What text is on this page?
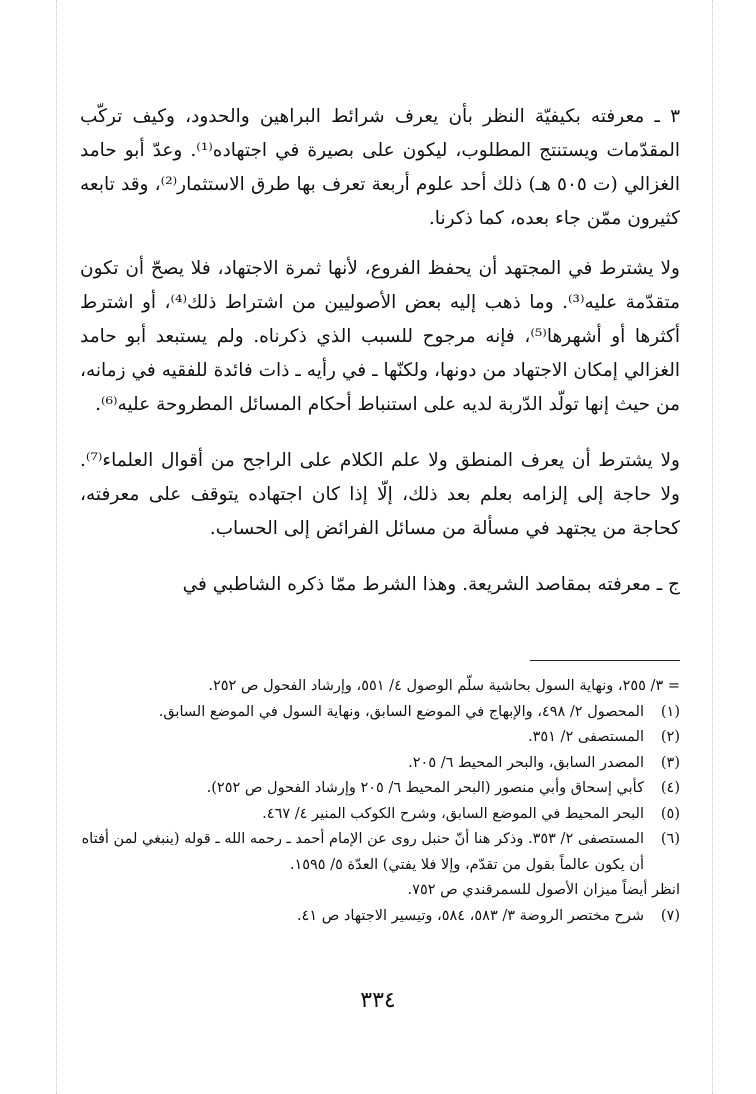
٣ ـ معرفته بكيفيّة النظر بأن يعرف شرائط البراهين والحدود، وكيف تركّب المقدّمات ويستنتج المطلوب، ليكون على بصيرة في اجتهاده⁽¹⁾. وعدّ أبو حامد الغزالي (ت ٥٠٥ هـ) ذلك أحد علوم أربعة تعرف بها طرق الاستثمار⁽²⁾، وقد تابعه كثيرون ممّن جاء بعده، كما ذكرنا.

ولا يشترط في المجتهد أن يحفظ الفروع، لأنها ثمرة الاجتهاد، فلا يصحّ أن تكون متقدّمة عليه⁽³⁾. وما ذهب إليه بعض الأصوليين من اشتراط ذلك⁽⁴⁾، أو اشترط أكثرها أو أشهرها⁽⁵⁾، فإنه مرجوح للسبب الذي ذكرناه. ولم يستبعد أبو حامد الغزالي إمكان الاجتهاد من دونها، ولكنّها ـ في رأيه ـ ذات فائدة للفقيه في زمانه، من حيث إنها تولّد الدّربة لديه على استنباط أحكام المسائل المطروحة عليه⁽⁶⁾.

ولا يشترط أن يعرف المنطق ولا علم الكلام على الراجح من أقوال العلماء⁽⁷⁾. ولا حاجة إلى إلزامه بعلم بعد ذلك، إلّا إذا كان اجتهاده يتوقف على معرفته، كحاجة من يجتهد في مسألة من مسائل الفرائض إلى الحساب.

ج ـ معرفته بمقاصد الشريعة. وهذا الشرط ممّا ذكره الشاطبي في

= ٣/ ٢٥٥، ونهاية السول بحاشية سلّم الوصول ٤/ ٥٥١، وإرشاد الفحول ص ٢٥٢.
(١)
المحصول ٢/ ٤٩٨، والإبهاج في الموضع السابق، ونهاية السول في الموضع السابق.
(٢)
المستصفى ٢/ ٣٥١.
(٣)
المصدر السابق، والبحر المحيط ٦/ ٢٠٥.
(٤)
كأبي إسحاق وأبي منصور (البحر المحيط ٦/ ٢٠٥ وإرشاد الفحول ص ٢٥٢).
(٥)
البحر المحيط في الموضع السابق، وشرح الكوكب المنير ٤/ ٤٦٧.
(٦)
المستصفى ٢/ ٣٥٣. وذكر هنا أنّ حنبل روى عن الإمام أحمد ـ رحمه الله ـ قوله (ينبغي لمن أفتاه أن يكون عالماً بقول من تقدّم، وإلا فلا يفتي) العدّة ٥/ ١٥٩٥.
انظر أيضاً ميزان الأصول للسمرقندي ص ٧٥٢.
(٧)
شرح مختصر الروضة ٣/ ٥٨٣، ٥٨٤، وتيسير الاجتهاد ص ٤١.
٣٣٤
